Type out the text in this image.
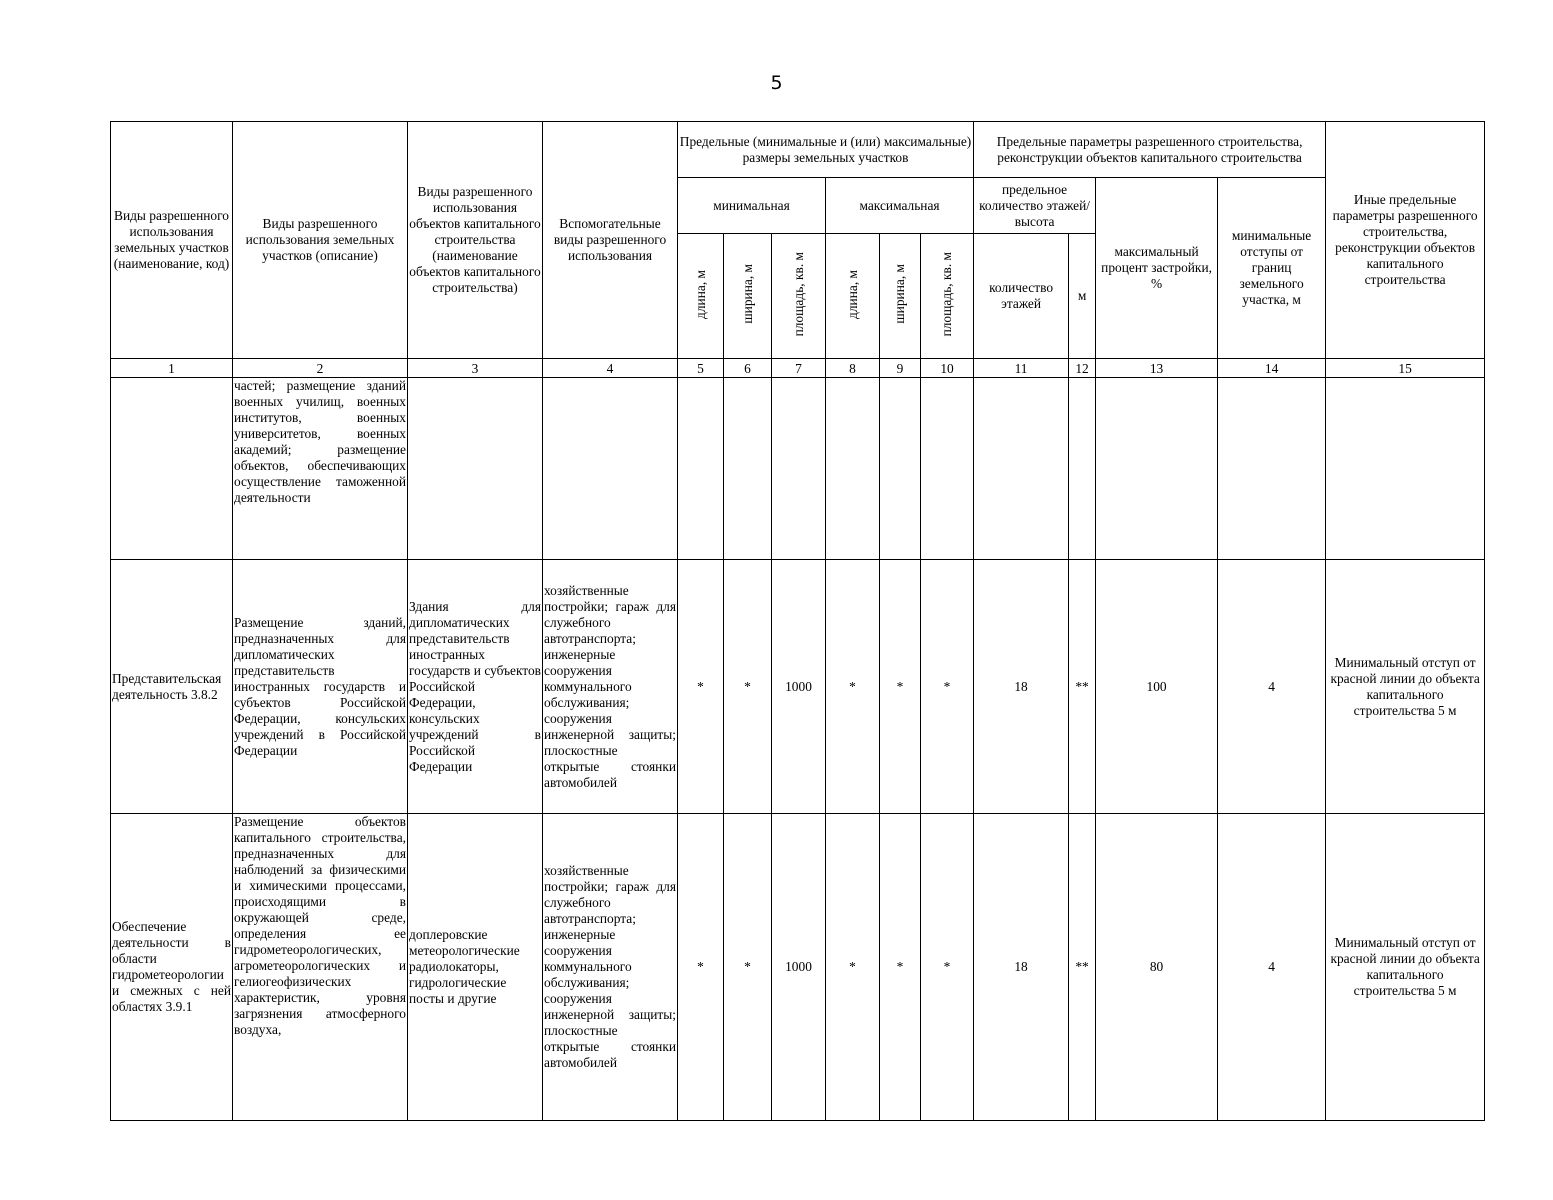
5
Виды разрешенного использования земельных участков (наименование, код)	Виды разрешенного использования земельных участков (описание)	Виды разрешенного использования объектов капитального строительства (наименование объектов капитального строительства)	Вспомогательные виды разрешенного использования	Предельные (минимальные и (или) максимальные) размеры земельных участков						Предельные параметры разрешенного строительства, реконструкции объектов капитального строительства				Иные предельные параметры разрешенного строительства, реконструкции объектов капитального строительства
				минимальная			максимальная			предельное количество этажей/высота		максимальный процент застройки, %	минимальные отступы от границ земельного участка, м	

				длина, м	ширина, м	площадь, кв. м	длина, м	ширина, м	площадь, кв. м	количество этажей	м			
1	2	3	4	5	6	7	8	9	10	11	12	13	14	15
	частей; размещение зданий военных училищ, военных институтов, военных университетов, военных академий; размещение объектов, обеспечивающих осуществление таможенной деятельности													
Представительская деятельность 3.8.2	Размещение зданий, предназначенных для дипломатических представительств иностранных государств и субъектов Российской Федерации, консульских учреждений в Российской Федерации	Здания для дипломатических представительств иностранных государств и субъектов Российской Федерации, консульских учреждений в Российской Федерации	хозяйственные постройки; гараж для служебного автотранспорта; инженерные сооружения коммунального обслуживания; сооружения инженерной защиты; плоскостные открытые стоянки автомобилей	*	*	1000	*	*	*	18	**	100	4	Минимальный отступ от красной линии до объекта капитального строительства 5 м
Обеспечение деятельности в области гидрометеорологии и смежных с ней областях 3.9.1	Размещение объектов капитального строительства, предназначенных для наблюдений за физическими и химическими процессами, происходящими в окружающей среде, определения ее гидрометеорологических, агрометеорологических и гелиогеофизических характеристик, уровня загрязнения атмосферного воздуха,	доплеровские метеорологические радиолокаторы, гидрологические посты и другие	хозяйственные постройки; гараж для служебного автотранспорта; инженерные сооружения коммунального обслуживания; сооружения инженерной защиты; плоскостные открытые стоянки автомобилей	*	*	1000	*	*	*	18	**	80	4	Минимальный отступ от красной линии до объекта капитального строительства 5 м
